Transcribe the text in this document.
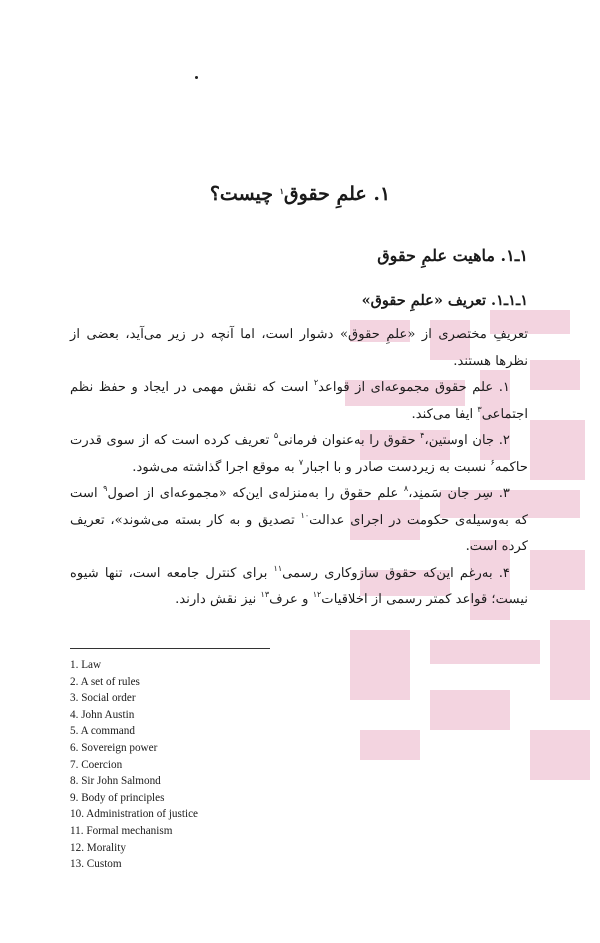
۱. علمِ حقوق$^۱$ چیست؟
۱ـ۱. ماهیت علمِ حقوق
۱ـ۱ـ۱. تعریف «علمِ حقوق»

تعریفِ مختصری از «علمِ حقوق» دشوار است، اما آنچه در زیر می‌آید، بعضی از نظرها هستند.

۱. علم حقوق مجموعه‌ای از قواعد$^۲$ است که نقش مهمی در ایجاد و حفظ نظم اجتماعی$^۳$ ایفا می‌کند.

۲. جان اوستین،$^۴$ حقوق را به‌عنوان فرمانی$^۵$ تعریف کرده است که از سوی قدرت حاکمه$^۶$ نسبت به زیردست صادر و با اجبار$^۷$ به موقع اجرا گذاشته می‌شود.

۳. سِر جان سَمنِد،$^۸$ علم حقوق را به‌منزله‌ی این‌که «مجموعه‌ای از اصول$^۹$ است که به‌وسیله‌ی حکومت در اجرای عدالت$^{۱۰}$ تصدیق و به کار بسته می‌شوند»، تعریف کرده است.

۴. به‌رغم این‌که حقوق سازوکاری رسمی$^{۱۱}$ برای کنترل جامعه است، تنها شیوه نیست؛ قواعد کمتر رسمی از اخلاقیات$^{۱۲}$ و عرف$^{۱۳}$ نیز نقش دارند.

1. Law
2. A set of rules
3. Social order
4. John Austin
5. A command
6. Sovereign power
7. Coercion
8. Sir John Salmond
9. Body of principles
10. Administration of justice
11. Formal mechanism
12. Morality
13. Custom
